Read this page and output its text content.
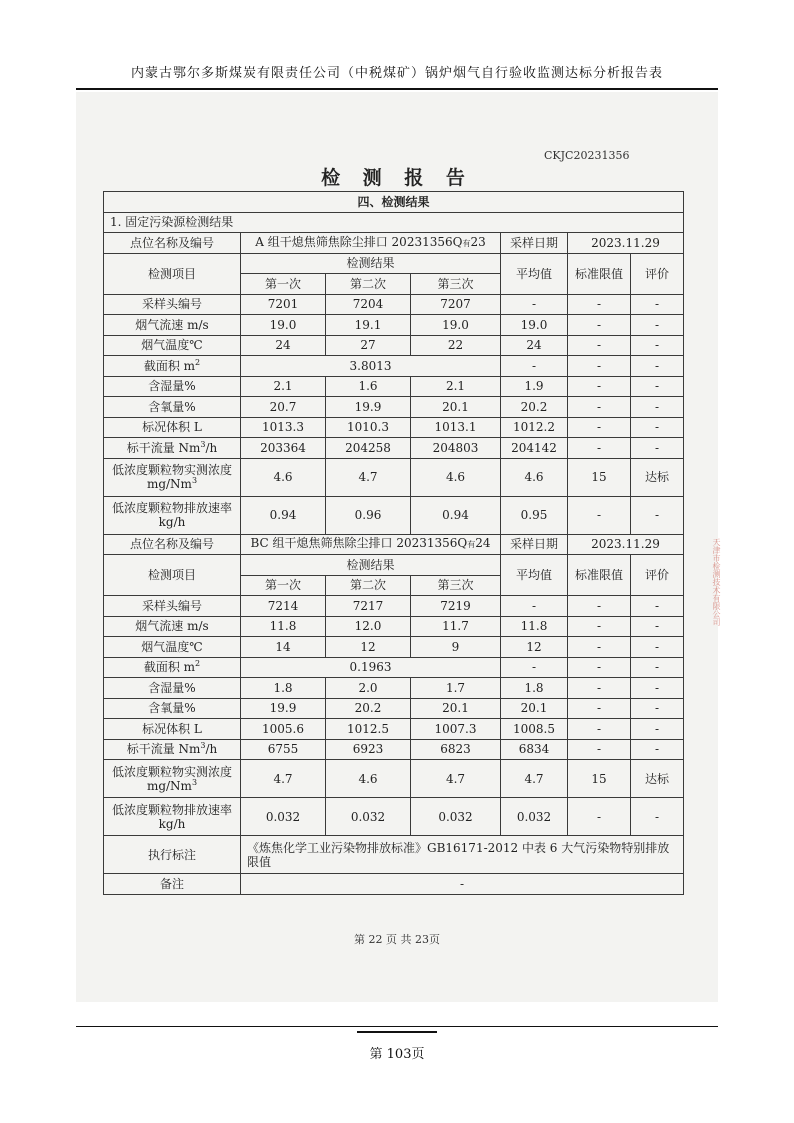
内蒙古鄂尔多斯煤炭有限责任公司（中税煤矿）锅炉烟气自行验收监测达标分析报告表
CKJC20231356
检 测 报 告
四、检测结果						
1. 固定污染源检测结果						
点位名称及编号	A 组干熄焦筛焦除尘排口 20231356Q有23			采样日期	2023.11.29	
检测项目	检测结果			平均值	标准限值	评价
	第一次	第二次	第三次			
采样头编号	7201	7204	7207	-	-	-
烟气流速 m/s	19.0	19.1	19.0	19.0	-	-
烟气温度℃	24	27	22	24	-	-
截面积 $m^2$	3.8013			-	-	-
含湿量%	2.1	1.6	2.1	1.9	-	-
含氧量%	20.7	19.9	20.1	20.2	-	-
标况体积 L	1013.3	1010.3	1013.1	1012.2	-	-
标干流量 Nm$^3$/h	203364	204258	204803	204142	-	-
低浓度颗粒物实测浓度 mg/Nm$^3$	4.6	4.7	4.6	4.6	15	达标
低浓度颗粒物排放速率 kg/h	0.94	0.96	0.94	0.95	-	-
点位名称及编号	BC 组干熄焦筛焦除尘排口 20231356Q有24			采样日期	2023.11.29	
检测项目	检测结果			平均值	标准限值	评价
	第一次	第二次	第三次			
采样头编号	7214	7217	7219	-	-	-
烟气流速 m/s	11.8	12.0	11.7	11.8	-	-
烟气温度℃	14	12	9	12	-	-
截面积 $m^2$	0.1963			-	-	-
含湿量%	1.8	2.0	1.7	1.8	-	-
含氧量%	19.9	20.2	20.1	20.1	-	-
标况体积 L	1005.6	1012.5	1007.3	1008.5	-	-
标干流量 Nm$^3$/h	6755	6923	6823	6834	-	-
低浓度颗粒物实测浓度 mg/Nm$^3$	4.7	4.6	4.7	4.7	15	达标
低浓度颗粒物排放速率 kg/h	0.032	0.032	0.032	0.032	-	-
执行标注	《炼焦化学工业污染物排放标准》GB16171-2012 中表 6 大气污染物特别排放限值					
备注	-					
天津市检测技术有限公司
第 22 页 共 23页
第 103页
